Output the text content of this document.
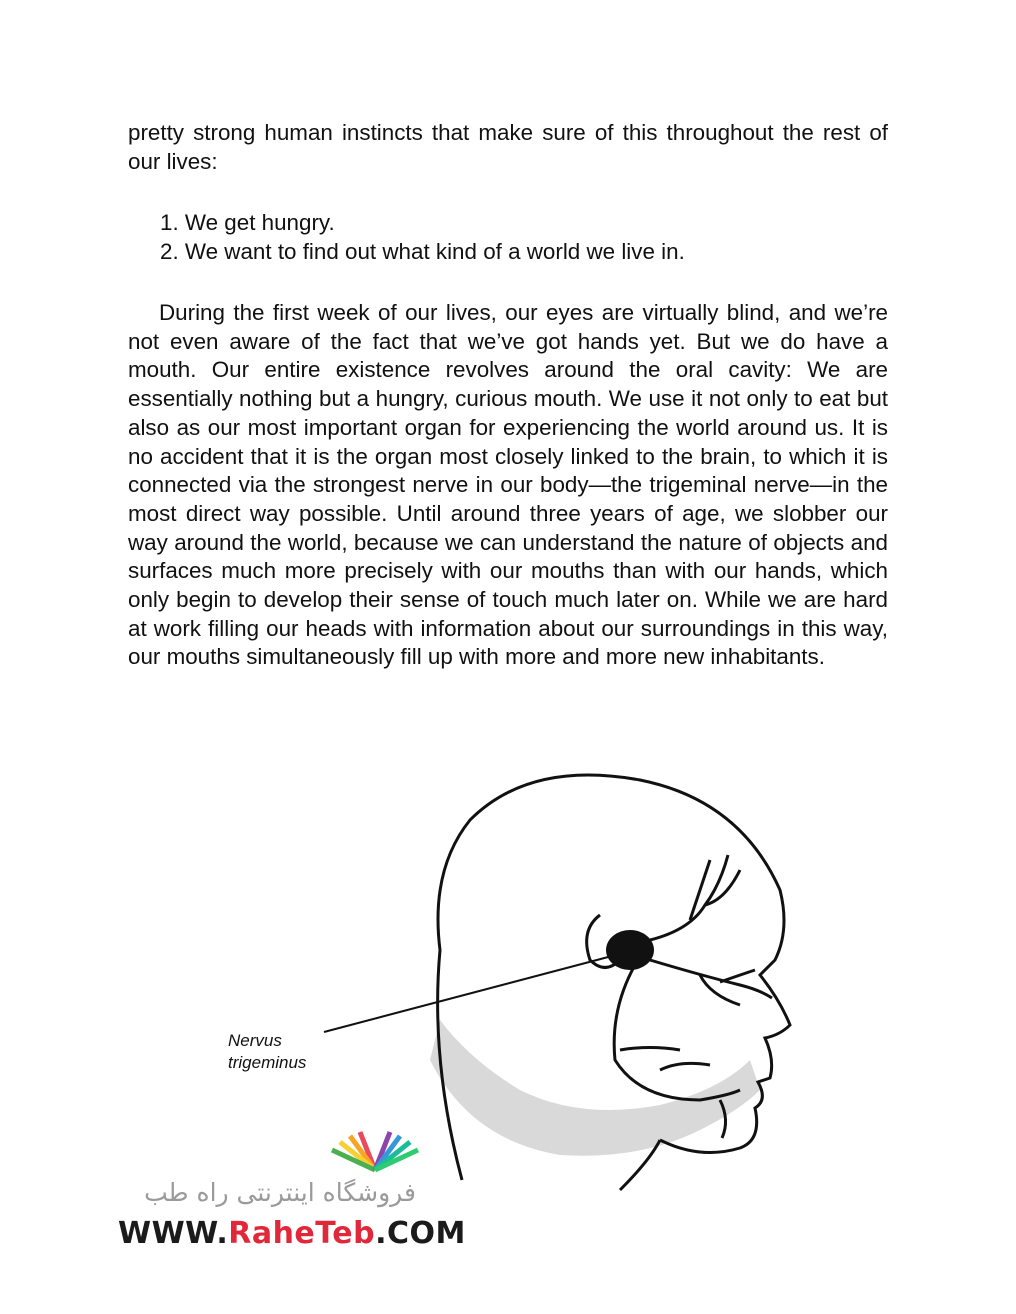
pretty strong human instincts that make sure of this throughout the rest of our lives:

1. We get hungry.
2. We want to find out what kind of a world we live in.

During the first week of our lives, our eyes are virtually blind, and we’re not even aware of the fact that we’ve got hands yet. But we do have a mouth. Our entire existence revolves around the oral cavity: We are essentially nothing but a hungry, curious mouth. We use it not only to eat but also as our most important organ for experiencing the world around us. It is no accident that it is the organ most closely linked to the brain, to which it is connected via the strongest nerve in our body—the trigeminal nerve—in the most direct way possible. Until around three years of age, we slobber our way around the world, because we can understand the nature of objects and surfaces much more precisely with our mouths than with our hands, which only begin to develop their sense of touch much later on. While we are hard at work filling our heads with information about our surroundings in this way, our mouths simultaneously fill up with more and more new inhabitants.

Nervus
trigeminus
فروشگاه اینترنتی راه طب
WWW.RaheTeb.COM
